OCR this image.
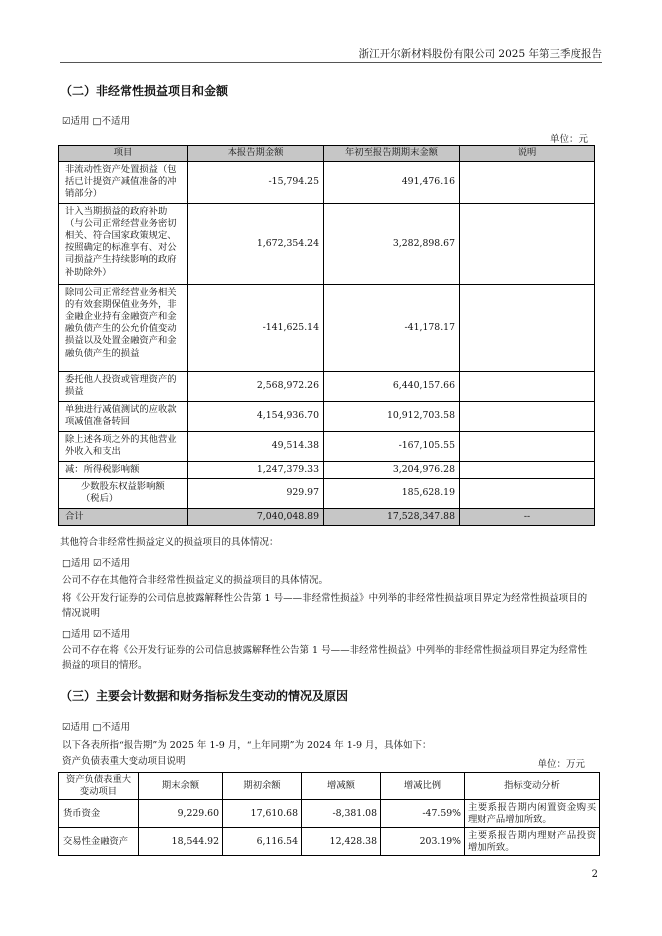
浙江开尔新材料股份有限公司 2025 年第三季度报告
（二）非经常性损益项目和金额
☑适用 □不适用
单位：元
项目	本报告期金额	年初至报告期期末金额	说明
非流动性资产处置损益（包括已计提资产减值准备的冲销部分）	-15,794.25	491,476.16	
计入当期损益的政府补助（与公司正常经营业务密切相关、符合国家政策规定、按照确定的标准享有、对公司损益产生持续影响的政府补助除外）	1,672,354.24	3,282,898.67	
除同公司正常经营业务相关的有效套期保值业务外，非金融企业持有金融资产和金融负债产生的公允价值变动损益以及处置金融资产和金融负债产生的损益	-141,625.14	-41,178.17	
委托他人投资或管理资产的损益	2,568,972.26	6,440,157.66	
单独进行减值测试的应收款项减值准备转回	4,154,936.70	10,912,703.58	
除上述各项之外的其他营业外收入和支出	49,514.38	-167,105.55	
减：所得税影响额	1,247,379.33	3,204,976.28	
少数股东权益影响额（税后）	929.97	185,628.19	
合计	7,040,048.89	17,528,347.88	--
其他符合非经常性损益定义的损益项目的具体情况：
□适用 ☑不适用
公司不存在其他符合非经常性损益定义的损益项目的具体情况。
将《公开发行证券的公司信息披露解释性公告第 1 号——非经常性损益》中列举的非经常性损益项目界定为经常性损益项目的情况说明
□适用 ☑不适用
公司不存在将《公开发行证券的公司信息披露解释性公告第 1 号——非经常性损益》中列举的非经常性损益项目界定为经常性损益的项目的情形。
（三）主要会计数据和财务指标发生变动的情况及原因
☑适用 □不适用
以下各表所指“报告期”为 2025 年 1-9 月，“上年同期”为 2024 年 1-9 月，具体如下：
资产负债表重大变动项目说明	单位：万元
资产负债表重大变动项目	期末余额	期初余额	增减额	增减比例	指标变动分析
货币资金	9,229.60	17,610.68	-8,381.08	-47.59%	主要系报告期内闲置资金购买理财产品增加所致。
交易性金融资产	18,544.92	6,116.54	12,428.38	203.19%	主要系报告期内理财产品投资增加所致。
2
